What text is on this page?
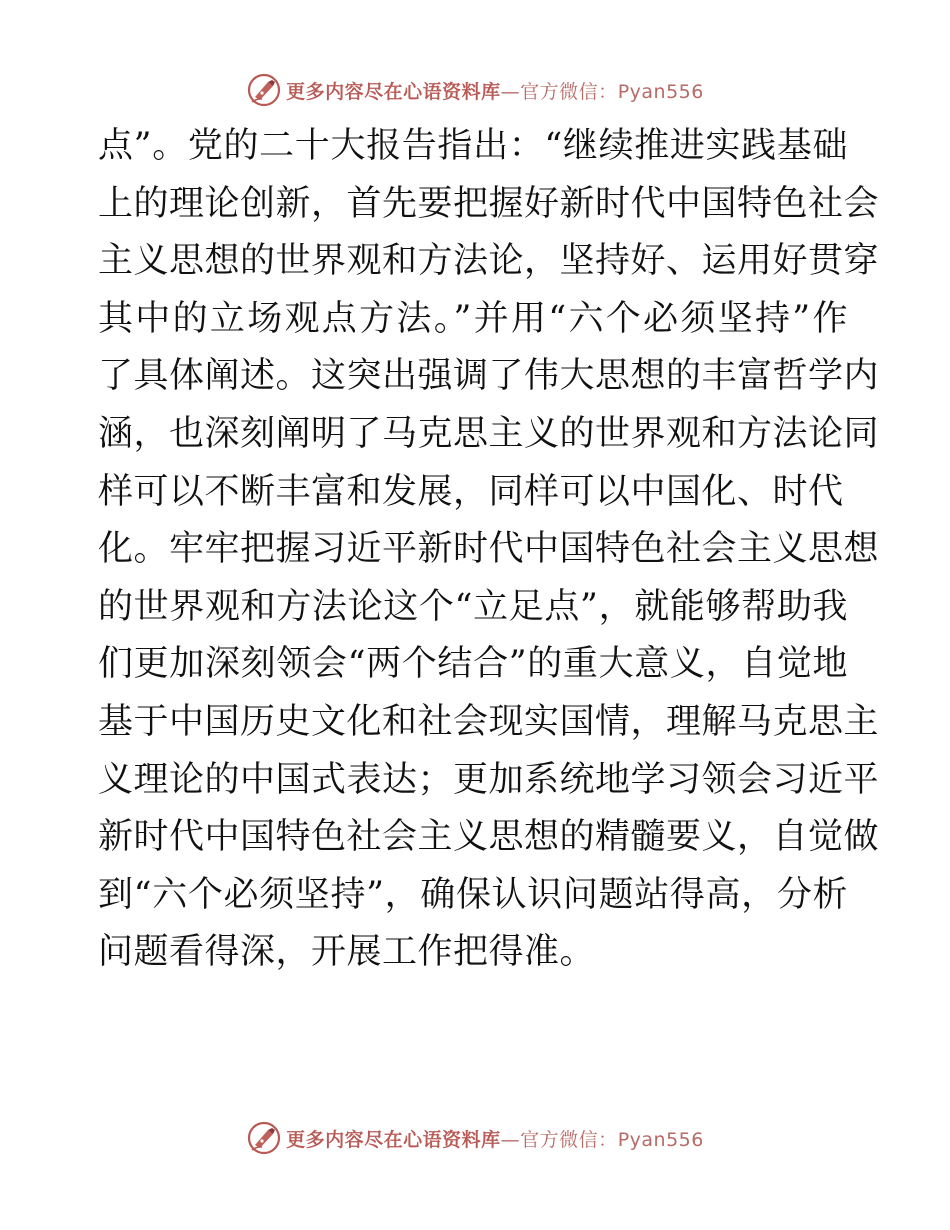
更多内容尽在心语资料库—官方微信：Pyan556
点”。党的二十大报告指出：“继续推进实践基础
上的理论创新，首先要把握好新时代中国特色社会
主义思想的世界观和方法论，坚持好、运用好贯穿
其中的立场观点方法。”并用“六个必须坚持”作
了具体阐述。这突出强调了伟大思想的丰富哲学内
涵，也深刻阐明了马克思主义的世界观和方法论同
样可以不断丰富和发展，同样可以中国化、时代
化。牢牢把握习近平新时代中国特色社会主义思想
的世界观和方法论这个“立足点”，就能够帮助我
们更加深刻领会“两个结合”的重大意义，自觉地
基于中国历史文化和社会现实国情，理解马克思主
义理论的中国式表达；更加系统地学习领会习近平
新时代中国特色社会主义思想的精髓要义，自觉做
到“六个必须坚持”，确保认识问题站得高，分析
问题看得深，开展工作把得准。
更多内容尽在心语资料库—官方微信：Pyan556
